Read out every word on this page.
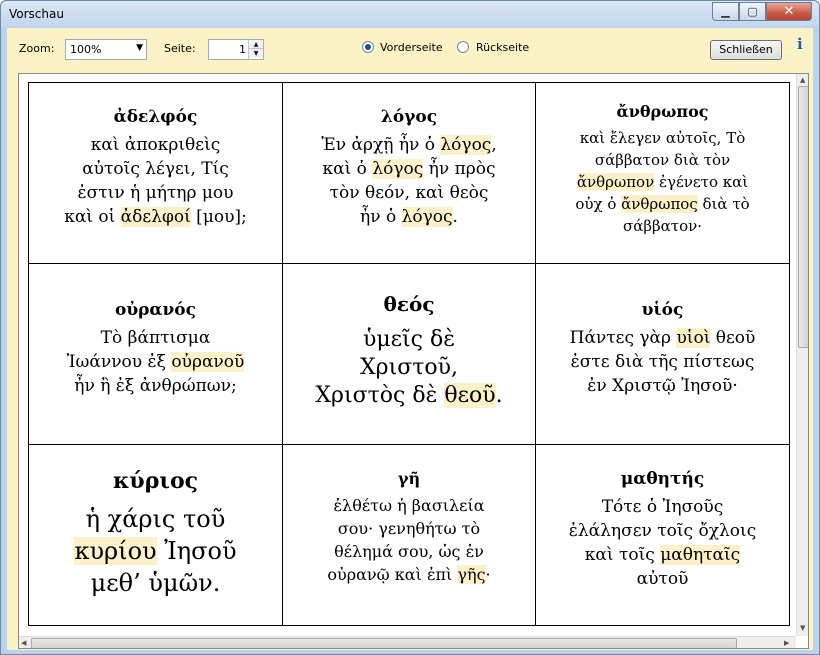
Vorschau	▁ ▢ ✕
Zoom:	100%	▼ Seite:	1	▲
▼	Vorderseite	Rückseite	Schließen	i
ἀδελφός
καὶ ἀποκριθεὶς
αὐτοῖς λέγει, Τίς
ἐστιν ἡ μήτηρ μου
καὶ οἱ ἀδελφοί [μου];
λόγος
Ἐν ἀρχῇ ἦν ὁ λόγος,
καὶ ὁ λόγος ἦν πρὸς
τὸν θεόν, καὶ θεὸς
ἦν ὁ λόγος.
ἄνθρωπος
καὶ ἔλεγεν αὐτοῖς, Τὸ
σάββατον διὰ τὸν
ἄνθρωπον ἐγένετο καὶ
οὐχ ὁ ἄνθρωπος διὰ τὸ
σάββατον·
οὐρανός
Τὸ βάπτισμα
Ἰωάννου ἐξ οὐρανοῦ
ἦν ἢ ἐξ ἀνθρώπων;
θεός
ὑμεῖς δὲ
Χριστοῦ,
Χριστὸς δὲ θεοῦ.
υἱός
Πάντες γὰρ υἱοὶ θεοῦ
ἐστε διὰ τῆς πίστεως
ἐν Χριστῷ Ἰησοῦ·
κύριος
ἡ χάρις τοῦ
κυρίου Ἰησοῦ
μεθ’ ὑμῶν.
γῆ
ἐλθέτω ἡ βασιλεία
σου· γενηθήτω τὸ
θέλημά σου, ὡς ἐν
οὐρανῷ καὶ ἐπὶ γῆς·
μαθητής
Τότε ὁ Ἰησοῦς
ἐλάλησεν τοῖς ὄχλοις
καὶ τοῖς μαθηταῖς
αὐτοῦ
▲
▼
◀	▶
